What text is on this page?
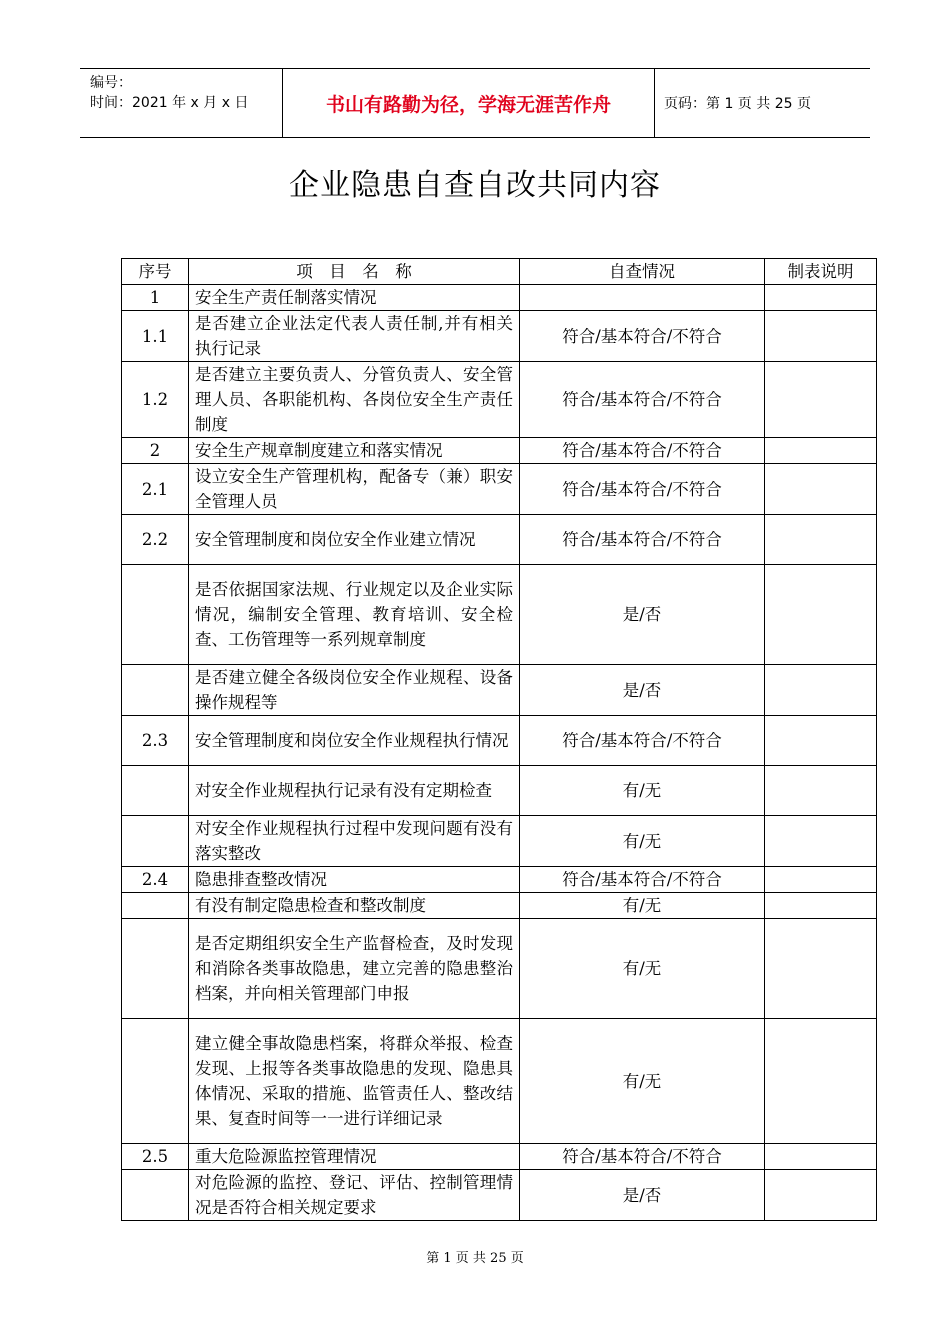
编号：
时间：2021 年 x 月 x 日	书山有路勤为径，学海无涯苦作舟	页码：第 1 页 共 25 页
企业隐患自查自改共同内容
序号	项　目　名　称	自查情况	制表说明
1	安全生产责任制落实情况		
1.1	是否建立企业法定代表人责任制,并有相关执行记录	符合/基本符合/不符合	
1.2	是否建立主要负责人、分管负责人、安全管理人员、各职能机构、各岗位安全生产责任制度	符合/基本符合/不符合	
2	安全生产规章制度建立和落实情况	符合/基本符合/不符合	
2.1	设立安全生产管理机构，配备专（兼）职安全管理人员	符合/基本符合/不符合	
2.2	安全管理制度和岗位安全作业建立情况	符合/基本符合/不符合	
	是否依据国家法规、行业规定以及企业实际情况，编制安全管理、教育培训、安全检查、工伤管理等一系列规章制度	是/否	
	是否建立健全各级岗位安全作业规程、设备操作规程等	是/否	
2.3	安全管理制度和岗位安全作业规程执行情况	符合/基本符合/不符合	
	对安全作业规程执行记录有没有定期检查	有/无	
	对安全作业规程执行过程中发现问题有没有落实整改	有/无	
2.4	隐患排查整改情况	符合/基本符合/不符合	
	有没有制定隐患检查和整改制度	有/无	
	是否定期组织安全生产监督检查，及时发现和消除各类事故隐患，建立完善的隐患整治档案，并向相关管理部门申报	有/无	
	建立健全事故隐患档案，将群众举报、检查发现、上报等各类事故隐患的发现、隐患具体情况、采取的措施、监管责任人、整改结果、复查时间等一一进行详细记录	有/无	
2.5	重大危险源监控管理情况	符合/基本符合/不符合	
	对危险源的监控、登记、评估、控制管理情况是否符合相关规定要求	是/否	
第 1 页 共 25 页
